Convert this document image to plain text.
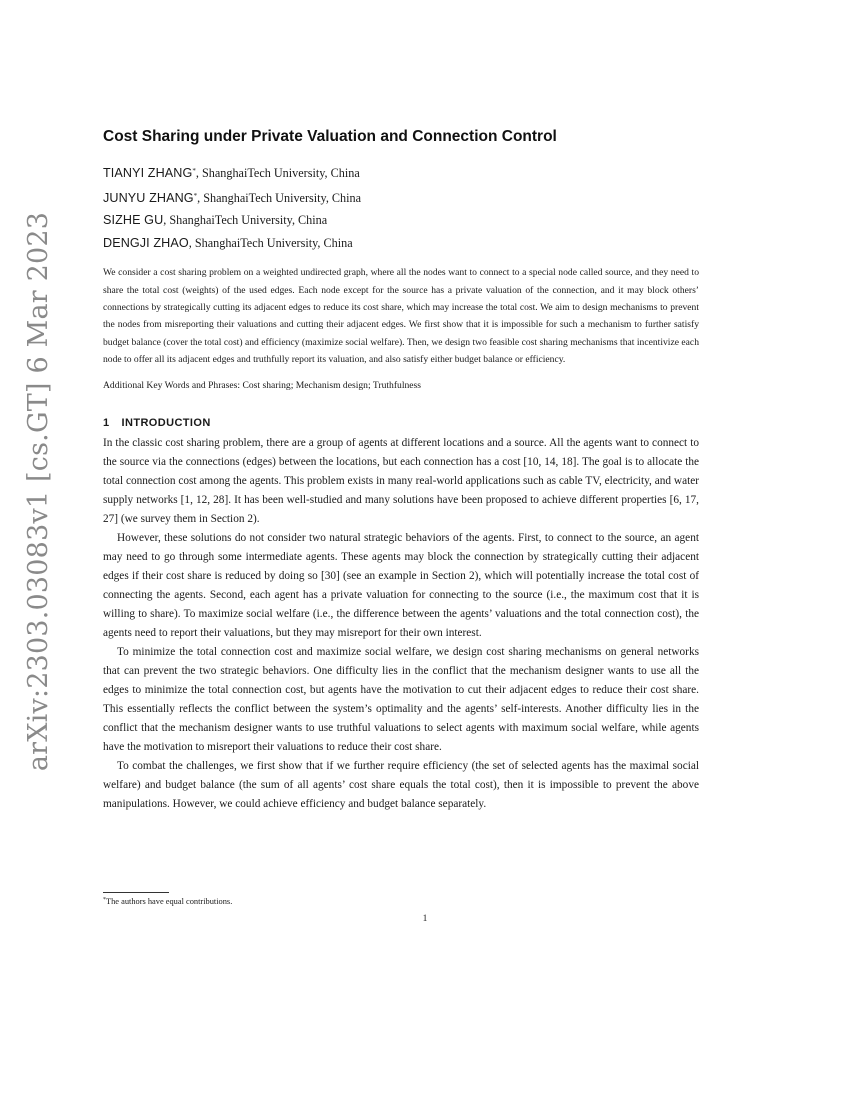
arXiv:2303.03083v1 [cs.GT] 6 Mar 2023
Cost Sharing under Private Valuation and Connection Control
TIANYI ZHANG*, ShanghaiTech University, China
JUNYU ZHANG*, ShanghaiTech University, China
SIZHE GU, ShanghaiTech University, China
DENGJI ZHAO, ShanghaiTech University, China

We consider a cost sharing problem on a weighted undirected graph, where all the nodes want to connect to a special node called source, and they need to share the total cost (weights) of the used edges. Each node except for the source has a private valuation of the connection, and it may block others’ connections by strategically cutting its adjacent edges to reduce its cost share, which may increase the total cost. We aim to design mechanisms to prevent the nodes from misreporting their valuations and cutting their adjacent edges. We first show that it is impossible for such a mechanism to further satisfy budget balance (cover the total cost) and efficiency (maximize social welfare). Then, we design two feasible cost sharing mechanisms that incentivize each node to offer all its adjacent edges and truthfully report its valuation, and also satisfy either budget balance or efficiency.

Additional Key Words and Phrases: Cost sharing; Mechanism design; Truthfulness

1 INTRODUCTION

In the classic cost sharing problem, there are a group of agents at different locations and a source. All the agents want to connect to the source via the connections (edges) between the locations, but each connection has a cost [10, 14, 18]. The goal is to allocate the total connection cost among the agents. This problem exists in many real-world applications such as cable TV, electricity, and water supply networks [1, 12, 28]. It has been well-studied and many solutions have been proposed to achieve different properties [6, 17, 27] (we survey them in Section 2).

However, these solutions do not consider two natural strategic behaviors of the agents. First, to connect to the source, an agent may need to go through some intermediate agents. These agents may block the connection by strategically cutting their adjacent edges if their cost share is reduced by doing so [30] (see an example in Section 2), which will potentially increase the total cost of connecting the agents. Second, each agent has a private valuation for connecting to the source (i.e., the maximum cost that it is willing to share). To maximize social welfare (i.e., the difference between the agents’ valuations and the total connection cost), the agents need to report their valuations, but they may misreport for their own interest.

To minimize the total connection cost and maximize social welfare, we design cost sharing mechanisms on general networks that can prevent the two strategic behaviors. One difficulty lies in the conflict that the mechanism designer wants to use all the edges to minimize the total connection cost, but agents have the motivation to cut their adjacent edges to reduce their cost share. This essentially reflects the conflict between the system’s optimality and the agents’ self-interests. Another difficulty lies in the conflict that the mechanism designer wants to use truthful valuations to select agents with maximum social welfare, while agents have the motivation to misreport their valuations to reduce their cost share.

To combat the challenges, we first show that if we further require efficiency (the set of selected agents has the maximal social welfare) and budget balance (the sum of all agents’ cost share equals the total cost), then it is impossible to prevent the above manipulations. However, we could achieve efficiency and budget balance separately.

*The authors have equal contributions.
1
